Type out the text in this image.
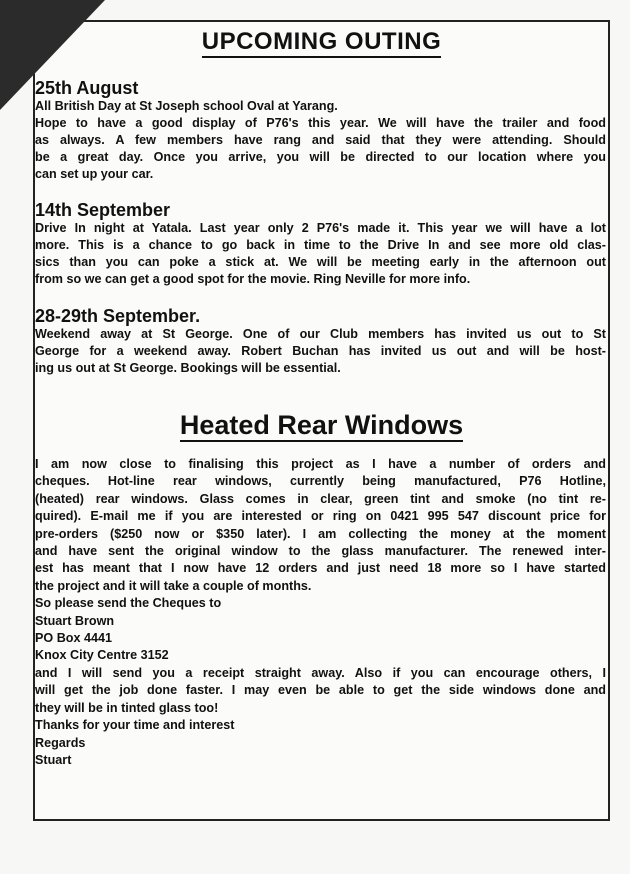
UPCOMING OUTING
25th August
All British Day at St Joseph school Oval at Yarang.
Hope to have a good display of P76's this year. We will have the trailer and food
as always. A few members have rang and said that they were attending. Should
be a great day. Once you arrive, you will be directed to our location where you
can set up your car.
14th September
Drive In night at Yatala. Last year only 2 P76's made it. This year we will have a lot
more. This is a chance to go back in time to the Drive In and see more old clas-
sics than you can poke a stick at. We will be meeting early in the afternoon out
from so we can get a good spot for the movie. Ring Neville for more info.
28-29th September.
Weekend away at St George. One of our Club members has invited us out to St
George for a weekend away. Robert Buchan has invited us out and will be host-
ing us out at St George. Bookings will be essential.
Heated Rear Windows
I am now close to finalising this project as I have a number of orders and
cheques. Hot-line rear windows, currently being manufactured, P76 Hotline,
(heated) rear windows. Glass comes in clear, green tint and smoke (no tint re-
quired). E-mail me if you are interested or ring on 0421 995 547 discount price for
pre-orders ($250 now or $350 later). I am collecting the money at the moment
and have sent the original window to the glass manufacturer. The renewed inter-
est has meant that I now have 12 orders and just need 18 more so I have started
the project and it will take a couple of months.
So please send the Cheques to
Stuart Brown
PO Box 4441
Knox City Centre 3152
and I will send you a receipt straight away. Also if you can encourage others, I
will get the job done faster. I may even be able to get the side windows done and
they will be in tinted glass too!
Thanks for your time and interest
Regards
Stuart
